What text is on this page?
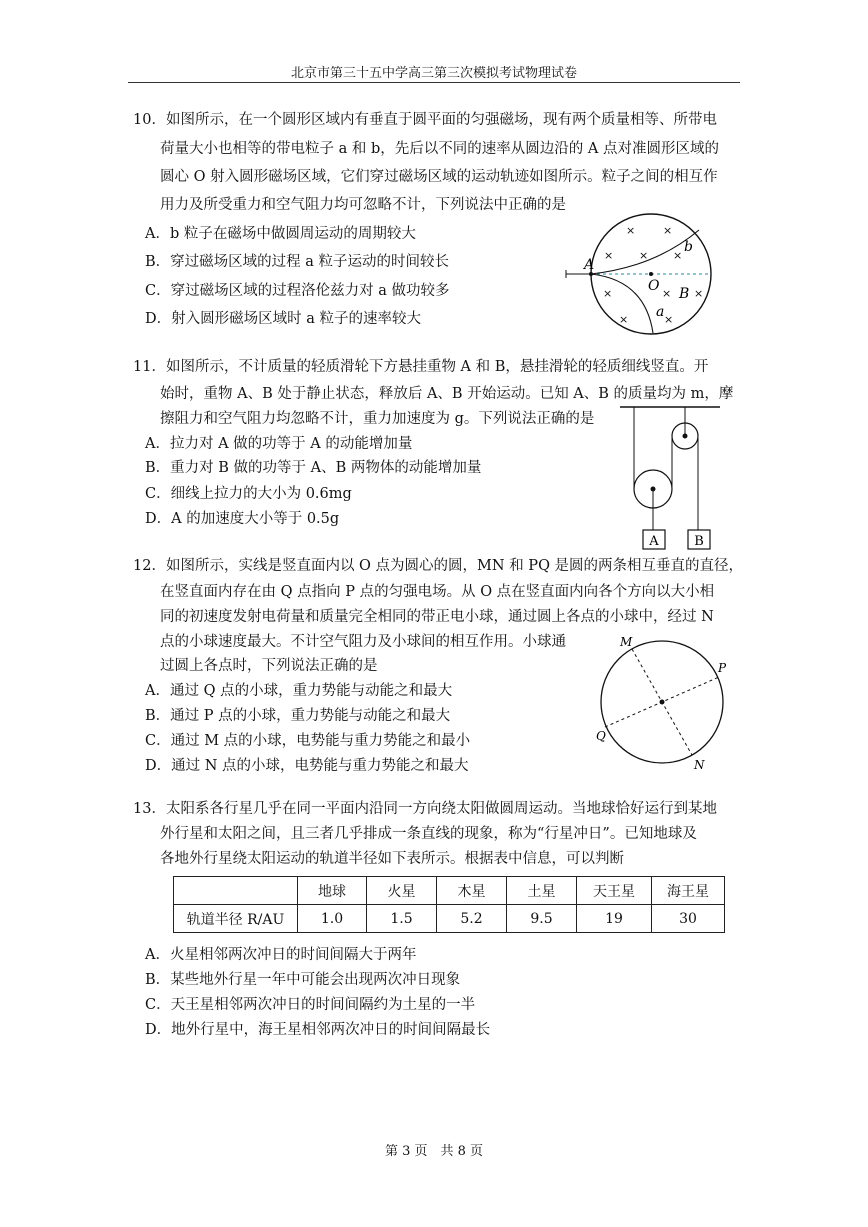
北京市第三十五中学高三第三次模拟考试物理试卷
10．如图所示，在一个圆形区域内有垂直于圆平面的匀强磁场，现有两个质量相等、所带电
荷量大小也相等的带电粒子 a 和 b，先后以不同的速率从圆边沿的 A 点对准圆形区域的
圆心 O 射入圆形磁场区域，它们穿过磁场区域的运动轨迹如图所示。粒子之间的相互作
用力及所受重力和空气阻力均可忽略不计，下列说法中正确的是
A．b 粒子在磁场中做圆周运动的周期较大
B．穿过磁场区域的过程 a 粒子运动的时间较长
C．穿过磁场区域的过程洛伦兹力对 a 做功较多
D．射入圆形磁场区域时 a 粒子的速率较大
×	×
× × ×
×	× ×
×	×
A
O B
a
b
11．如图所示，不计质量的轻质滑轮下方悬挂重物 A 和 B，悬挂滑轮的轻质细线竖直。开
始时，重物 A、B 处于静止状态，释放后 A、B 开始运动。已知 A、B 的质量均为 m，摩
擦阻力和空气阻力均忽略不计，重力加速度为 g。下列说法正确的是
A．拉力对 A 做的功等于 A 的动能增加量
B．重力对 B 做的功等于 A、B 两物体的动能增加量
C．细线上拉力的大小为 0.6mg
D．A 的加速度大小等于 0.5g
A	B
12．如图所示，实线是竖直面内以 O 点为圆心的圆，MN 和 PQ 是圆的两条相互垂直的直径，
在竖直面内存在由 Q 点指向 P 点的匀强电场。从 O 点在竖直面内向各个方向以大小相
同的初速度发射电荷量和质量完全相同的带正电小球，通过圆上各点的小球中，经过 N
点的小球速度最大。不计空气阻力及小球间的相互作用。小球通
过圆上各点时，下列说法正确的是
A．通过 Q 点的小球，重力势能与动能之和最大
B．通过 P 点的小球，重力势能与动能之和最大
C．通过 M 点的小球，电势能与重力势能之和最小
D．通过 N 点的小球，电势能与重力势能之和最大
M
P
Q
N
13．太阳系各行星几乎在同一平面内沿同一方向绕太阳做圆周运动。当地球恰好运行到某地
外行星和太阳之间，且三者几乎排成一条直线的现象，称为“行星冲日”。已知地球及
各地外行星绕太阳运动的轨道半径如下表所示。根据表中信息，可以判断
	地球	火星	木星	土星	天王星	海王星
轨道半径 R/AU	1.0	1.5	5.2	9.5	19	30
A．火星相邻两次冲日的时间间隔大于两年
B．某些地外行星一年中可能会出现两次冲日现象
C．天王星相邻两次冲日的时间间隔约为土星的一半
D．地外行星中，海王星相邻两次冲日的时间间隔最长
第 3 页　共 8 页
